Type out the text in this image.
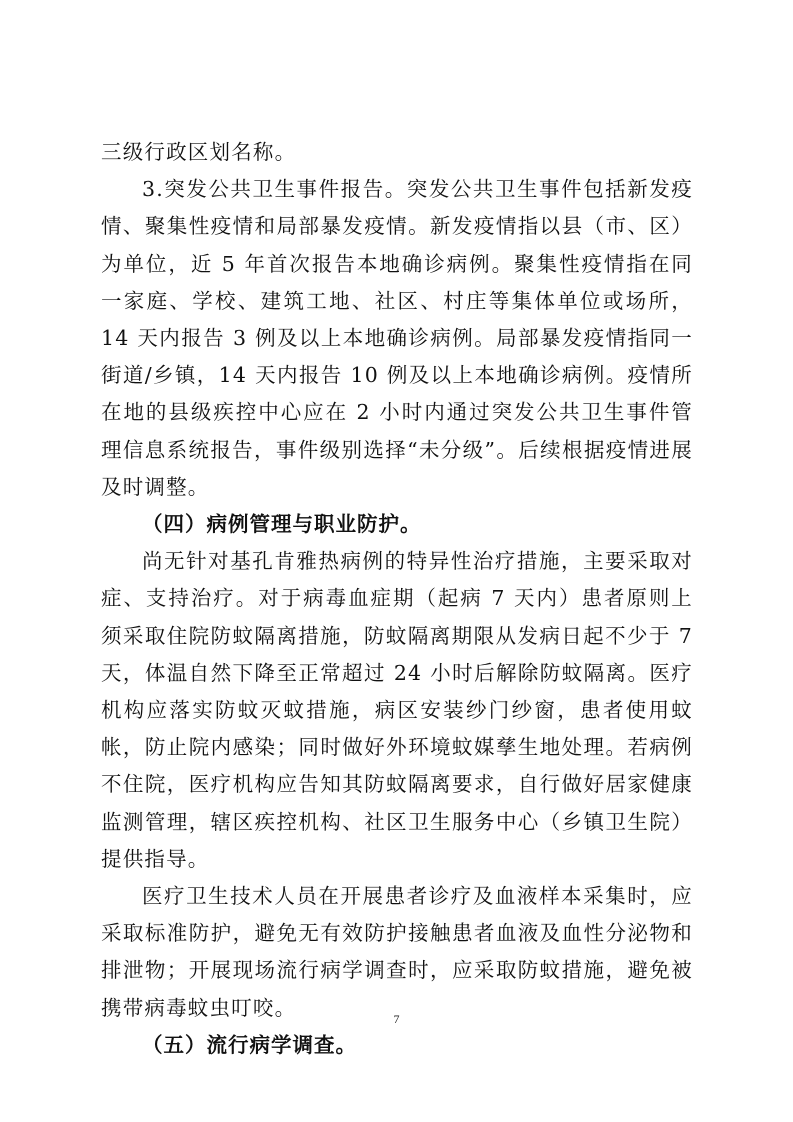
三级行政区划名称。

3.突发公共卫生事件报告。突发公共卫生事件包括新发疫情、聚集性疫情和局部暴发疫情。新发疫情指以县（市、区）为单位，近 5 年首次报告本地确诊病例。聚集性疫情指在同一家庭、学校、建筑工地、社区、村庄等集体单位或场所，14 天内报告 3 例及以上本地确诊病例。局部暴发疫情指同一街道/乡镇，14 天内报告 10 例及以上本地确诊病例。疫情所在地的县级疾控中心应在 2 小时内通过突发公共卫生事件管理信息系统报告，事件级别选择“未分级”。后续根据疫情进展及时调整。

（四）病例管理与职业防护。

尚无针对基孔肯雅热病例的特异性治疗措施，主要采取对症、支持治疗。对于病毒血症期（起病 7 天内）患者原则上须采取住院防蚊隔离措施，防蚊隔离期限从发病日起不少于 7 天，体温自然下降至正常超过 24 小时后解除防蚊隔离。医疗机构应落实防蚊灭蚊措施，病区安装纱门纱窗，患者使用蚊帐，防止院内感染；同时做好外环境蚊媒孳生地处理。若病例不住院，医疗机构应告知其防蚊隔离要求，自行做好居家健康监测管理，辖区疾控机构、社区卫生服务中心（乡镇卫生院）提供指导。

医疗卫生技术人员在开展患者诊疗及血液样本采集时，应采取标准防护，避免无有效防护接触患者血液及血性分泌物和排泄物；开展现场流行病学调查时，应采取防蚊措施，避免被携带病毒蚊虫叮咬。

（五）流行病学调查。

7
